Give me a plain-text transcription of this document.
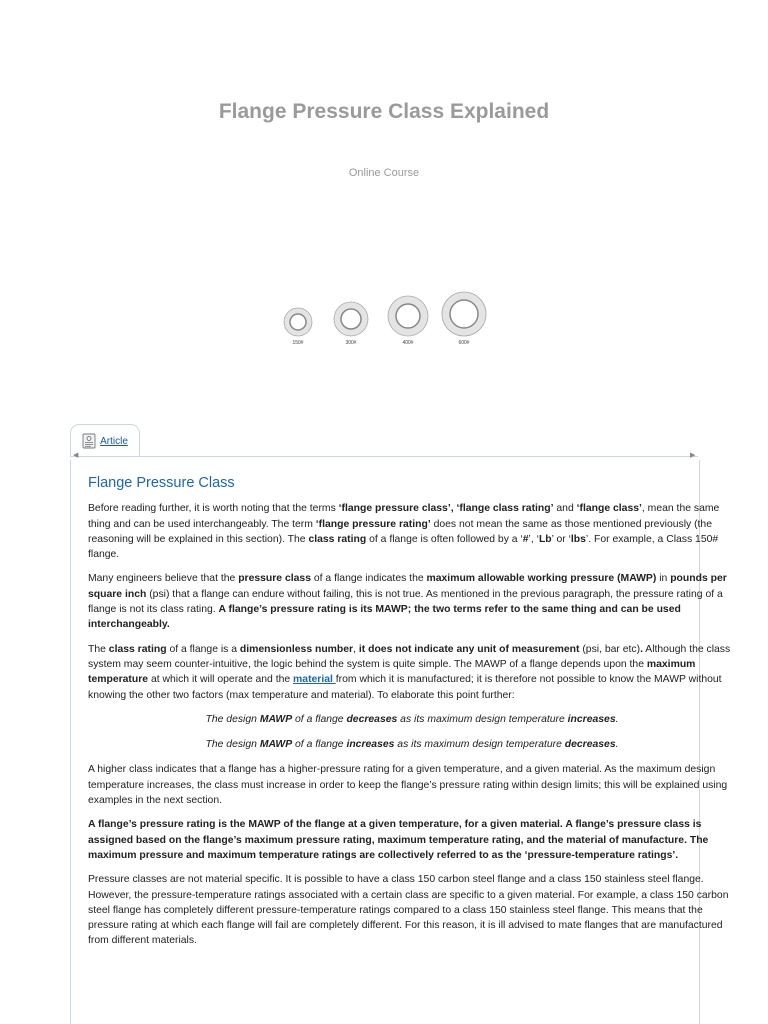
Flange Pressure Class Explained
Online Course
150#	300#	400#	600#
Article
◀	▶
Flange Pressure Class

Before reading further, it is worth noting that the terms ‘flange pressure class’, ‘flange class rating’ and ‘flange class’, mean the same thing and can be used interchangeably. The term ‘flange pressure rating’ does not mean the same as those mentioned previously (the reasoning will be explained in this section). The class rating of a flange is often followed by a ‘#’, ‘Lb’ or ‘lbs’. For example, a Class 150# flange.

Many engineers believe that the pressure class of a flange indicates the maximum allowable working pressure (MAWP) in pounds per square inch (psi) that a flange can endure without failing, this is not true. As mentioned in the previous paragraph, the pressure rating of a flange is not its class rating. A flange’s pressure rating is its MAWP; the two terms refer to the same thing and can be used interchangeably.

The class rating of a flange is a dimensionless number, it does not indicate any unit of measurement (psi, bar etc). Although the class system may seem counter-intuitive, the logic behind the system is quite simple. The MAWP of a flange depends upon the maximum temperature at which it will operate and the material from which it is manufactured; it is therefore not possible to know the MAWP without knowing the other two factors (max temperature and material). To elaborate this point further:

The design MAWP of a flange decreases as its maximum design temperature increases.

The design MAWP of a flange increases as its maximum design temperature decreases.

A higher class indicates that a flange has a higher-pressure rating for a given temperature, and a given material. As the maximum design temperature increases, the class must increase in order to keep the flange’s pressure rating within design limits; this will be explained using examples in the next section.

A flange’s pressure rating is the MAWP of the flange at a given temperature, for a given material. A flange’s pressure class is assigned based on the flange’s maximum pressure rating, maximum temperature rating, and the material of manufacture. The maximum pressure and maximum temperature ratings are collectively referred to as the ‘pressure-temperature ratings’.

Pressure classes are not material specific. It is possible to have a class 150 carbon steel flange and a class 150 stainless steel flange. However, the pressure-temperature ratings associated with a certain class are specific to a given material. For example, a class 150 carbon steel flange has completely different pressure-temperature ratings compared to a class 150 stainless steel flange. This means that the pressure rating at which each flange will fail are completely different. For this reason, it is ill advised to mate flanges that are manufactured from different materials.
